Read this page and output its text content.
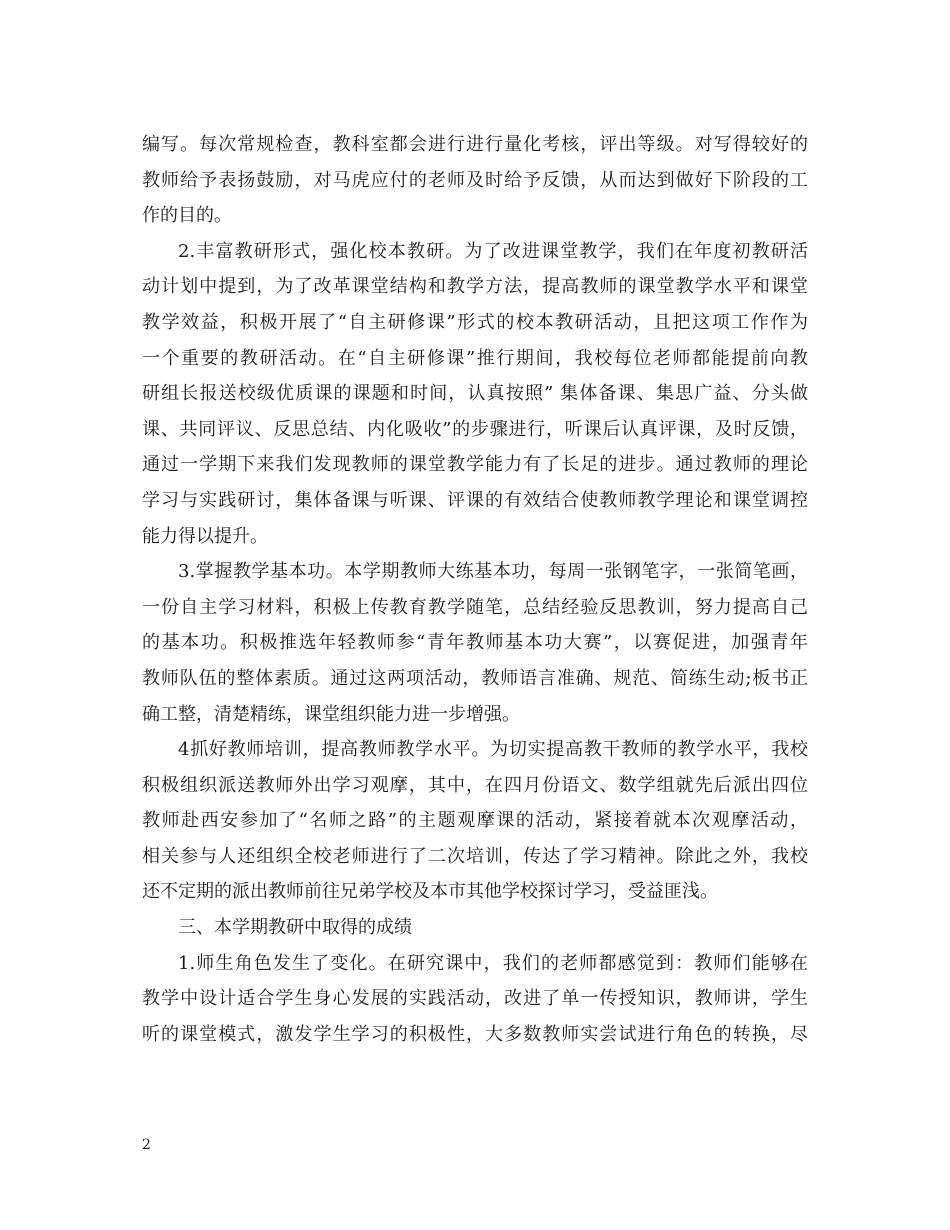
编写。每次常规检查，教科室都会进行进行量化考核，评出等级。对写得较好的
教师给予表扬鼓励，对马虎应付的老师及时给予反馈，从而达到做好下阶段的工
作的目的。
2.丰富教研形式，强化校本教研。为了改进课堂教学，我们在年度初教研活
动计划中提到，为了改革课堂结构和教学方法，提高教师的课堂教学水平和课堂
教学效益，积极开展了“自主研修课”形式的校本教研活动，且把这项工作作为
一个重要的教研活动。在“自主研修课”推行期间，我校每位老师都能提前向教
研组长报送校级优质课的课题和时间，认真按照” 集体备课、集思广益、分头做
课、共同评议、反思总结、内化吸收”的步骤进行，听课后认真评课，及时反馈，
通过一学期下来我们发现教师的课堂教学能力有了长足的进步。通过教师的理论
学习与实践研讨，集体备课与听课、评课的有效结合使教师教学理论和课堂调控
能力得以提升。
3.掌握教学基本功。本学期教师大练基本功，每周一张钢笔字，一张简笔画，
一份自主学习材料，积极上传教育教学随笔，总结经验反思教训，努力提高自己
的基本功。积极推选年轻教师参“青年教师基本功大赛”，以赛促进，加强青年
教师队伍的整体素质。通过这两项活动，教师语言准确、规范、简练生动;板书正
确工整，清楚精练，课堂组织能力进一步增强。
4抓好教师培训，提高教师教学水平。为切实提高教干教师的教学水平，我校
积极组织派送教师外出学习观摩，其中，在四月份语文、数学组就先后派出四位
教师赴西安参加了“名师之路”的主题观摩课的活动，紧接着就本次观摩活动，
相关参与人还组织全校老师进行了二次培训，传达了学习精神。除此之外，我校
还不定期的派出教师前往兄弟学校及本市其他学校探讨学习，受益匪浅。
三、本学期教研中取得的成绩
1.师生角色发生了变化。在研究课中，我们的老师都感觉到：教师们能够在
教学中设计适合学生身心发展的实践活动，改进了单一传授知识，教师讲，学生
听的课堂模式，激发学生学习的积极性，大多数教师实尝试进行角色的转换，尽
2
